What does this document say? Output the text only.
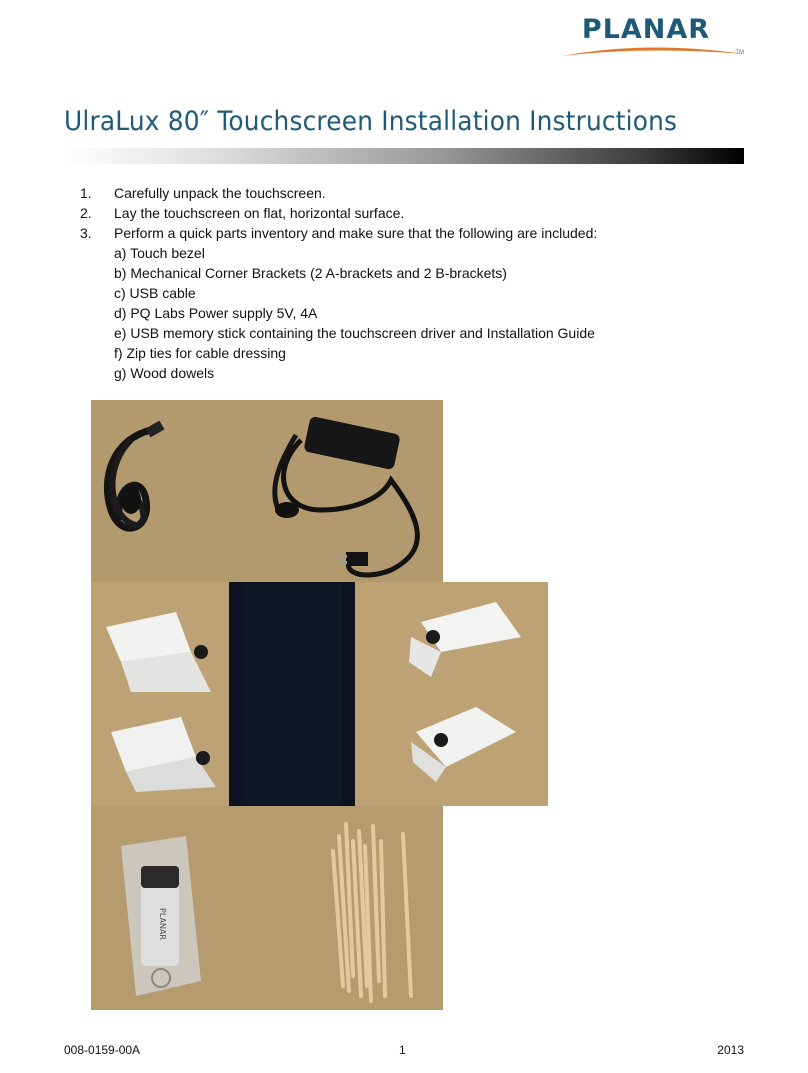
PLANAR
TM
UlraLux 80″ Touchscreen Installation Instructions
1. Carefully unpack the touchscreen.
2. Lay the touchscreen on flat, horizontal surface.
3. Perform a quick parts inventory and make sure that the following are included:
a) Touch bezel
b) Mechanical Corner Brackets (2 A-brackets and 2 B-brackets)
c) USB cable
d) PQ Labs Power supply 5V, 4A
e) USB memory stick containing the touchscreen driver and Installation Guide
f) Zip ties for cable dressing
g) Wood dowels
PLANAR
008-0159-00A	1	2013
